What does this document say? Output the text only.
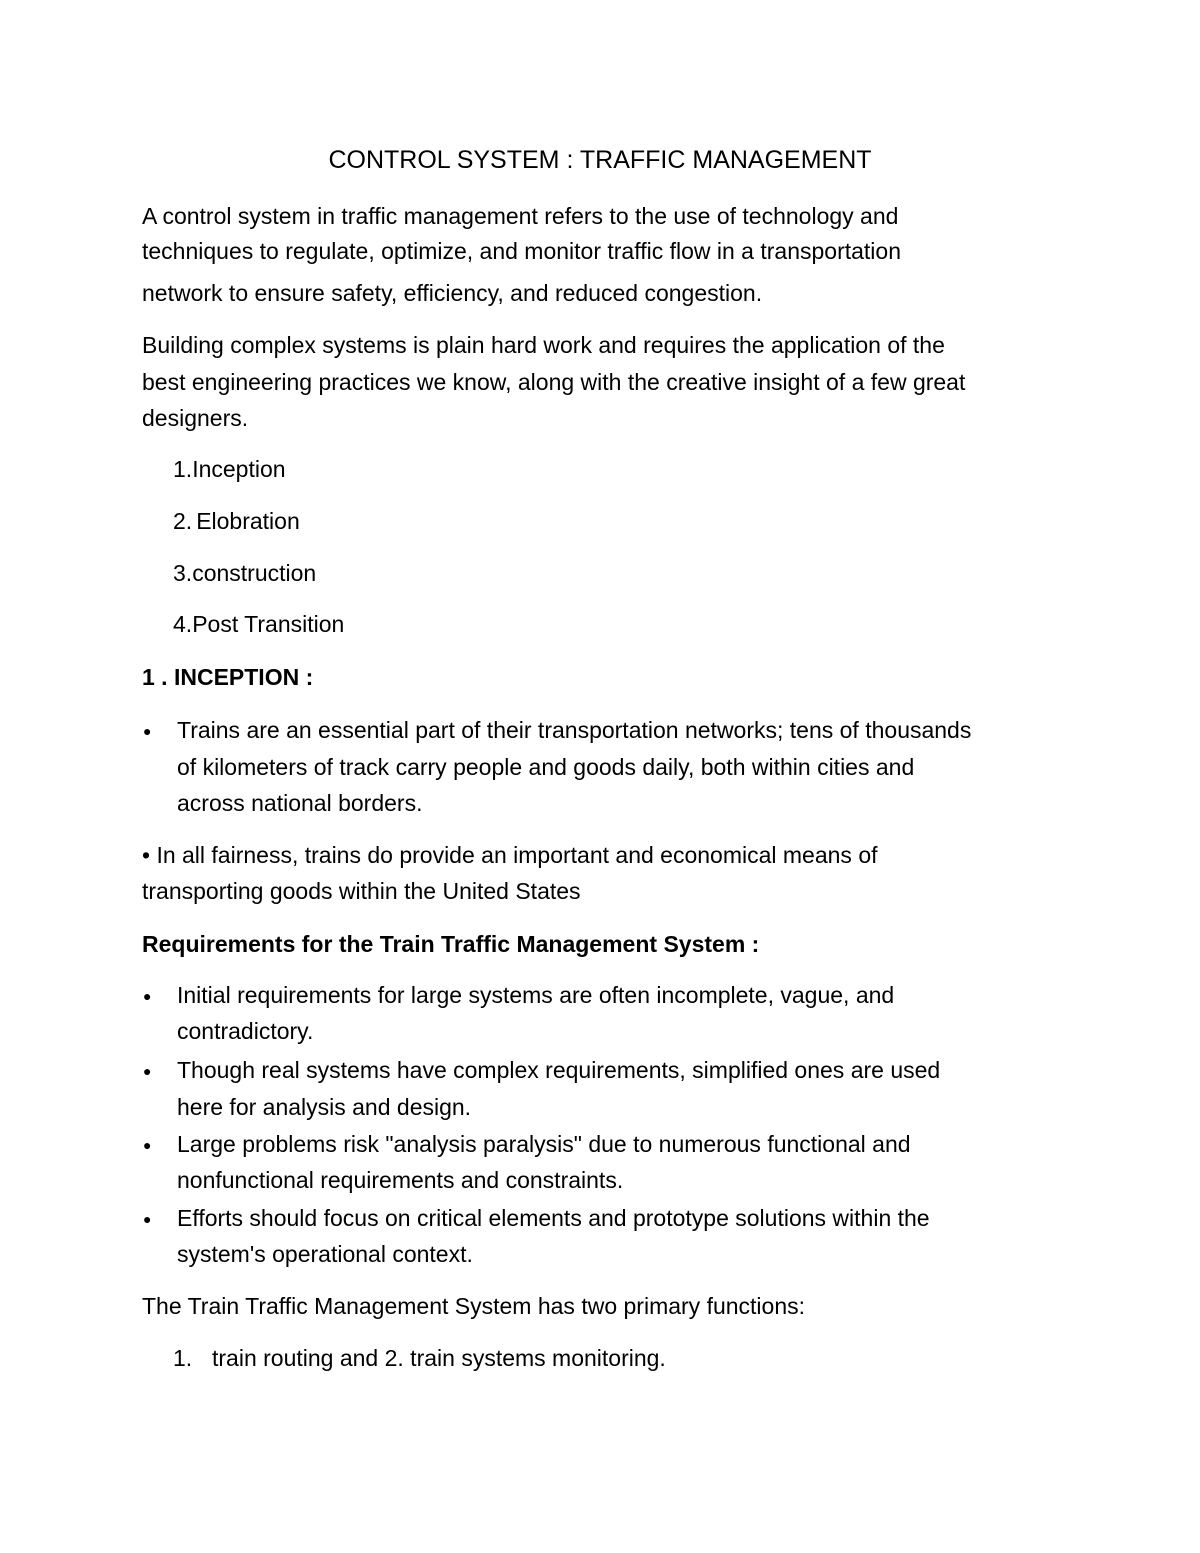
CONTROL SYSTEM : TRAFFIC MANAGEMENT
A control system in traffic management refers to the use of technology and
techniques to regulate, optimize, and monitor traffic flow in a transportation
network to ensure safety, efficiency, and reduced congestion.
Building complex systems is plain hard work and requires the application of the
best engineering practices we know, along with the creative insight of a few great
designers.
1.Inception
2. Elobration
3.construction
4.Post Transition
1 . INCEPTION :
● Trains are an essential part of their transportation networks; tens of thousands
of kilometers of track carry people and goods daily, both within cities and
across national borders.
• In all fairness, trains do provide an important and economical means of
transporting goods within the United States
Requirements for the Train Traffic Management System :
● Initial requirements for large systems are often incomplete, vague, and
contradictory.
● Though real systems have complex requirements, simplified ones are used
here for analysis and design.
● Large problems risk "analysis paralysis" due to numerous functional and
nonfunctional requirements and constraints.
● Efforts should focus on critical elements and prototype solutions within the
system's operational context.
The Train Traffic Management System has two primary functions:
1. train routing and 2. train systems monitoring.
